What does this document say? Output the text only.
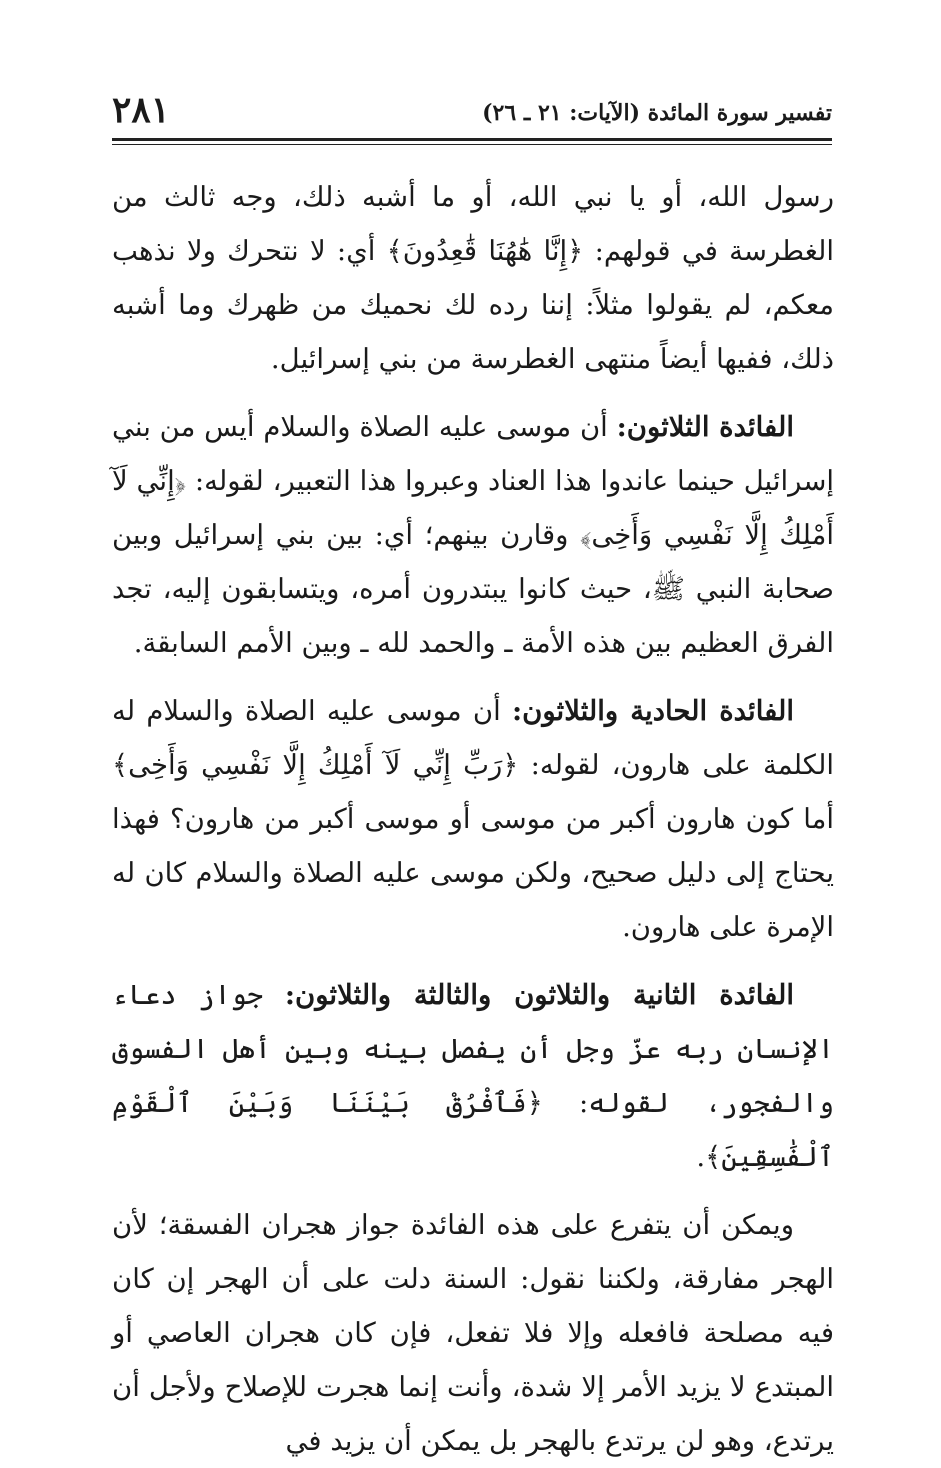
٢٨١	تفسير سورة المائدة (الآيات: ٢١ ـ ٢٦)

رسول الله، أو يا نبي الله، أو ما أشبه ذلك، وجه ثالث من الغطرسة في قولهم: ﴿إِنَّا هَٰهُنَا قَٰعِدُونَ﴾ أي: لا نتحرك ولا نذهب معكم، لم يقولوا مثلاً: إننا رده لك نحميك من ظهرك وما أشبه ذلك، ففيها أيضاً منتهى الغطرسة من بني إسرائيل.

الفائدة الثلاثون: أن موسى عليه الصلاة والسلام أيس من بني إسرائيل حينما عاندوا هذا العناد وعبروا هذا التعبير، لقوله: ﴿إِنِّي لَآ أَمْلِكُ إِلَّا نَفْسِي وَأَخِى﴾ وقارن بينهم؛ أي: بين بني إسرائيل وبين صحابة النبي ﷺ، حيث كانوا يبتدرون أمره، ويتسابقون إليه، تجد الفرق العظيم بين هذه الأمة ـ والحمد لله ـ وبين الأمم السابقة.

الفائدة الحادية والثلاثون: أن موسى عليه الصلاة والسلام له الكلمة على هارون، لقوله: ﴿رَبِّ إِنِّي لَآ أَمْلِكُ إِلَّا نَفْسِي وَأَخِى﴾ أما كون هارون أكبر من موسى أو موسى أكبر من هارون؟ فهذا يحتاج إلى دليل صحيح، ولكن موسى عليه الصلاة والسلام كان له الإمرة على هارون.

الفائدة الثانية والثلاثون والثالثة والثلاثون: جواز دعاء الإنسان ربه عزّ وجل أن يفصل بينه وبين أهل الفسوق والفجور، لقوله: ﴿فَٱفْرُقْ بَيْنَنَا وَبَيْنَ ٱلْقَوْمِ ٱلْفَٰسِقِينَ﴾.

ويمكن أن يتفرع على هذه الفائدة جواز هجران الفسقة؛ لأن الهجر مفارقة، ولكننا نقول: السنة دلت على أن الهجر إن كان فيه مصلحة فافعله وإلا فلا تفعل، فإن كان هجران العاصي أو المبتدع لا يزيد الأمر إلا شدة، وأنت إنما هجرت للإصلاح ولأجل أن يرتدع، وهو لن يرتدع بالهجر بل يمكن أن يزيد في
